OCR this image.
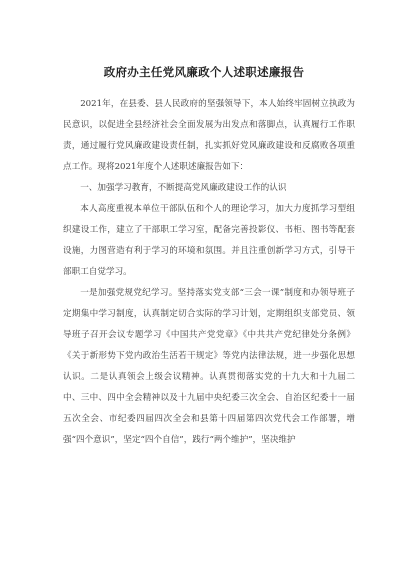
政府办主任党风廉政个人述职述廉报告

2021年，在县委、县人民政府的坚强领导下，本人始终牢固树立执政为民意识，以促进全县经济社会全面发展为出发点和落脚点，认真履行工作职责，通过履行党风廉政建设责任制，扎实抓好党风廉政建设和反腐败各项重点工作。现将2021年度个人述职述廉报告如下：

一、加强学习教育，不断提高党风廉政建设工作的认识

本人高度重视本单位干部队伍和个人的理论学习，加大力度抓学习型组织建设工作，建立了干部职工学习室，配备完善投影仪、书柜、图书等配套设施，力图营造有利于学习的环境和氛围。并且注重创新学习方式，引导干部职工自觉学习。

一是加强党规党纪学习。坚持落实党支部“三会一课”制度和办领导班子定期集中学习制度，认真制定切合实际的学习计划，定期组织支部党员、领导班子召开会议专题学习《中国共产党党章》《中共共产党纪律处分条例》《关于新形势下党内政治生活若干规定》等党内法律法规，进一步强化思想认识。二是认真领会上级会议精神。认真贯彻落实党的十九大和十九届二中、三中、四中全会精神以及十九届中央纪委三次全会、自治区纪委十一届五次全会、市纪委四届四次全会和县第十四届第四次党代会工作部署，增强“四个意识”，坚定“四个自信”，践行“两个维护”，坚决维护
